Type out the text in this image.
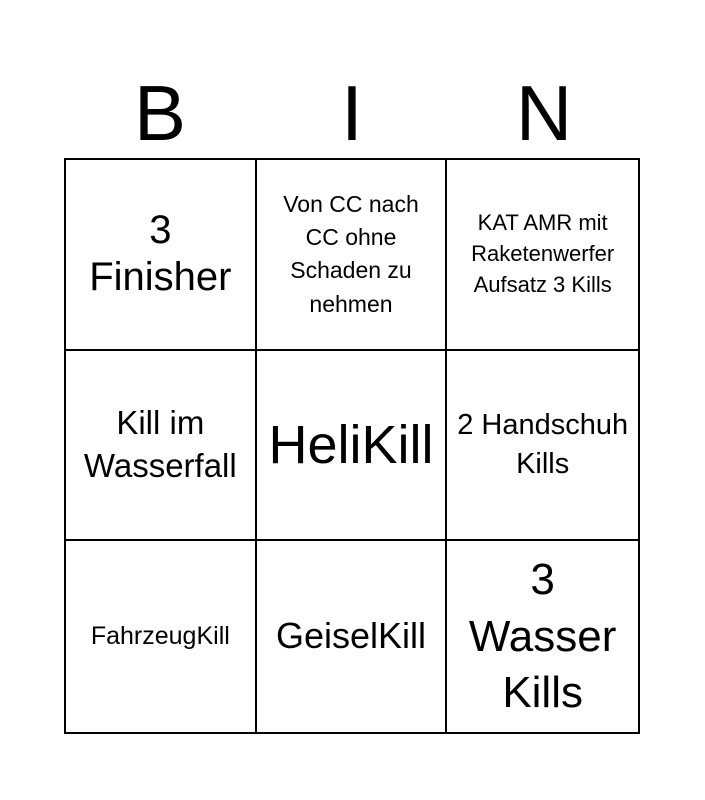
B	I	N
3 Finisher
Von CC nach CC ohne Schaden zu nehmen
KAT AMR mit Raketenwerfer Aufsatz 3 Kills
Kill im Wasserfall HeliKill 2 Handschuh Kills
FahrzeugKill GeiselKill
3 Wasser Kills
